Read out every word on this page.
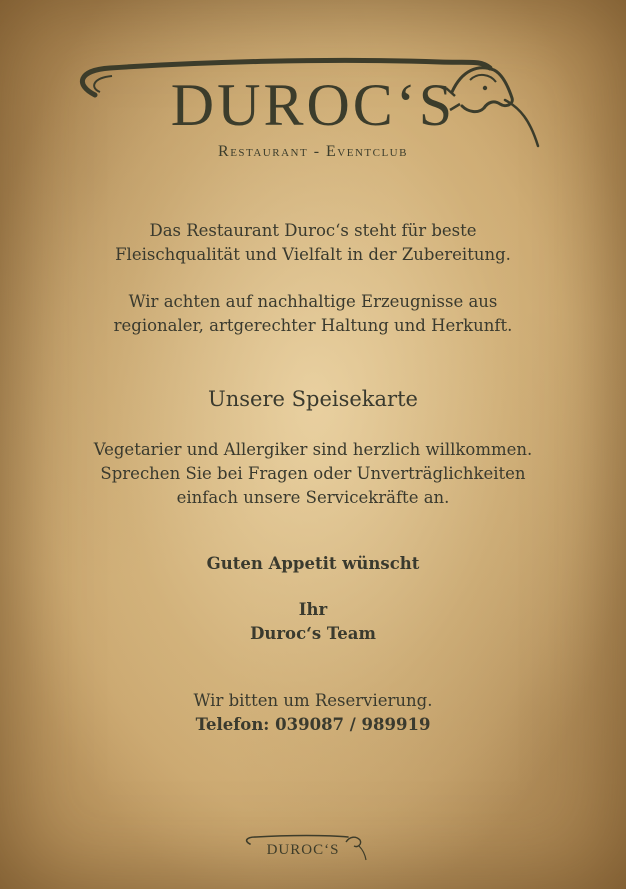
DUROC‘S
Restaurant - Eventclub
Das Restaurant Duroc‘s steht für beste
Fleischqualität und Vielfalt in der Zubereitung.
Wir achten auf nachhaltige Erzeugnisse aus
regionaler, artgerechter Haltung und Herkunft.
Unsere Speisekarte
Vegetarier und Allergiker sind herzlich willkommen.
Sprechen Sie bei Fragen oder Unverträglichkeiten
einfach unsere Servicekräfte an.
Guten Appetit wünscht
Ihr
Duroc‘s Team
Wir bitten um Reservierung.
Telefon: 039087 / 989919
DUROC‘S
